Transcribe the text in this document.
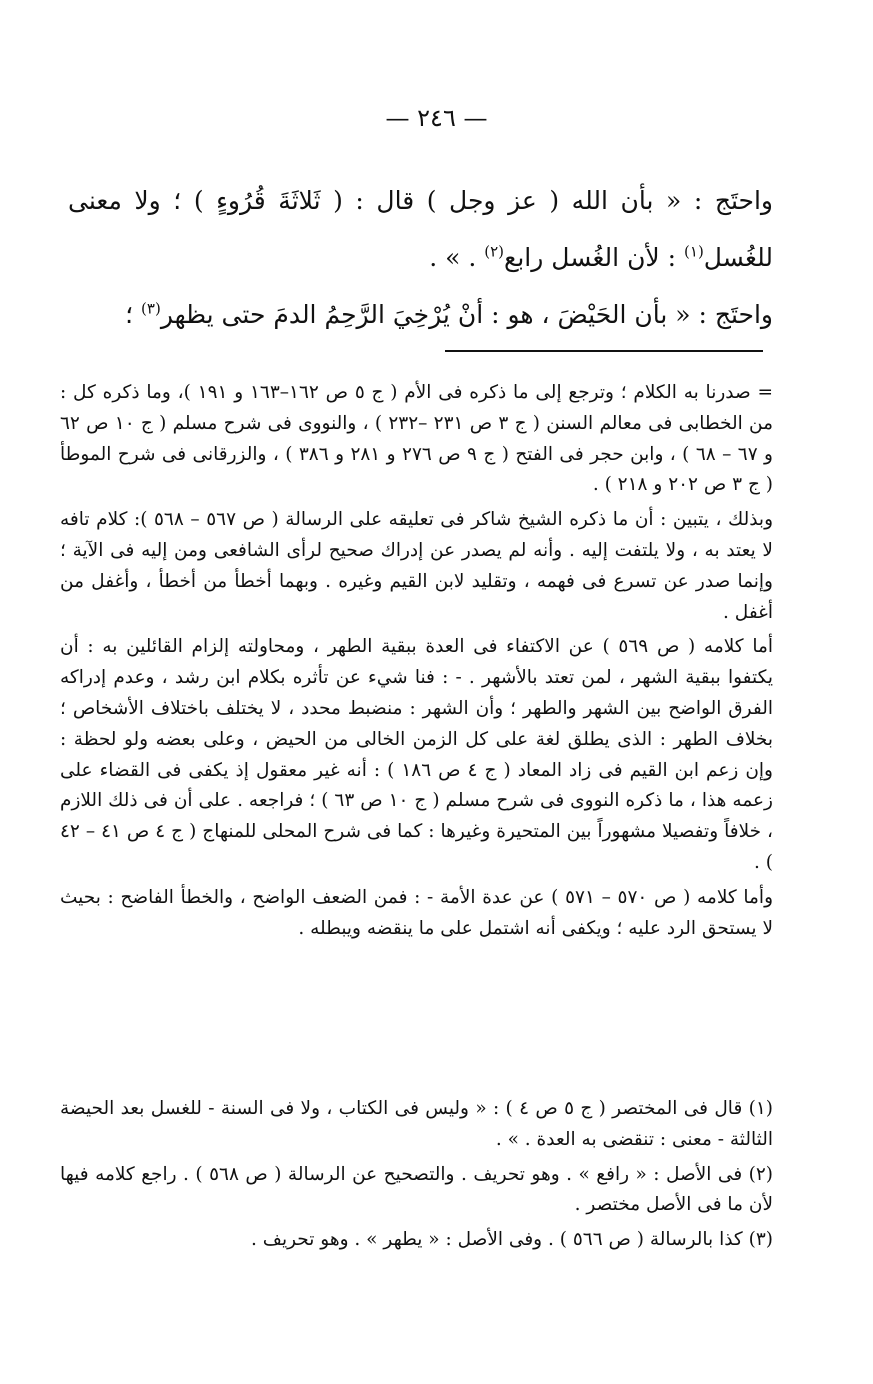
— ٢٤٦ —

واحتَج : « بأن الله ( عز وجل ) قال : ( ثَلاثَةَ قُرُوءٍ ) ؛ ولا معنى للغُسل$^{(١)}$ : لأن الغُسل رابع$^{(٢)}$ . » .

واحتَج : « بأن الحَيْضَ ، هو : أنْ يُرْخِيَ الرَّحِمُ الدمَ حتى يظهر$^{(٣)}$ ؛

= صدرنا به الكلام ؛ وترجع إلى ما ذكره فى الأم ( ج ٥ ص ١٦٢–١٦٣ و ١٩١ )، وما ذكره كل : من الخطابى فى معالم السنن ( ج ٣ ص ٢٣١ –٢٣٢ ) ، والنووى فى شرح مسلم ( ج ١٠ ص ٦٢ و ٦٧ – ٦٨ ) ، وابن حجر فى الفتح ( ج ٩ ص ٢٧٦ و ٢٨١ و ٣٨٦ ) ، والزرقانى فى شرح الموطأ ( ج ٣ ص ٢٠٢ و ٢١٨ ) .

وبذلك ، يتبين : أن ما ذكره الشيخ شاكر فى تعليقه على الرسالة ( ص ٥٦٧ – ٥٦٨ ): كلام تافه لا يعتد به ، ولا يلتفت إليه . وأنه لم يصدر عن إدراك صحيح لرأى الشافعى ومن إليه فى الآية ؛ وإنما صدر عن تسرع فى فهمه ، وتقليد لابن القيم وغيره . وبهما أخطأ من أخطأ ، وأغفل من أغفل .

أما كلامه ( ص ٥٦٩ ) عن الاكتفاء فى العدة ببقية الطهر ، ومحاولته إلزام القائلين به : أن يكتفوا ببقية الشهر ، لمن تعتد بالأشهر . - : فنا شيء عن تأثره بكلام ابن رشد ، وعدم إدراكه الفرق الواضح بين الشهر والطهر ؛ وأن الشهر : منضبط محدد ، لا يختلف باختلاف الأشخاص ؛ بخلاف الطهر : الذى يطلق لغة على كل الزمن الخالى من الحيض ، وعلى بعضه ولو لحظة : وإن زعم ابن القيم فى زاد المعاد ( ج ٤ ص ١٨٦ ) : أنه غير معقول إذ يكفى فى القضاء على زعمه هذا ، ما ذكره النووى فى شرح مسلم ( ج ١٠ ص ٦٣ ) ؛ فراجعه . على أن فى ذلك اللازم ، خلافاً وتفصيلا مشهوراً بين المتحيرة وغيرها : كما فى شرح المحلى للمنهاج ( ج ٤ ص ٤١ – ٤٢ ) .

وأما كلامه ( ص ٥٧٠ – ٥٧١ ) عن عدة الأمة - : فمن الضعف الواضح ، والخطأ الفاضح : بحيث لا يستحق الرد عليه ؛ ويكفى أنه اشتمل على ما ينقضه ويبطله .

(١) قال فى المختصر ( ج ٥ ص ٤ ) : « وليس فى الكتاب ، ولا فى السنة - للغسل بعد الحيضة الثالثة - معنى : تنقضى به العدة . » .

(٢) فى الأصل : « رافع » . وهو تحريف . والتصحيح عن الرسالة ( ص ٥٦٨ ) . راجع كلامه فيها لأن ما فى الأصل مختصر .

(٣) كذا بالرسالة ( ص ٥٦٦ ) . وفى الأصل : « يطهر » . وهو تحريف .
